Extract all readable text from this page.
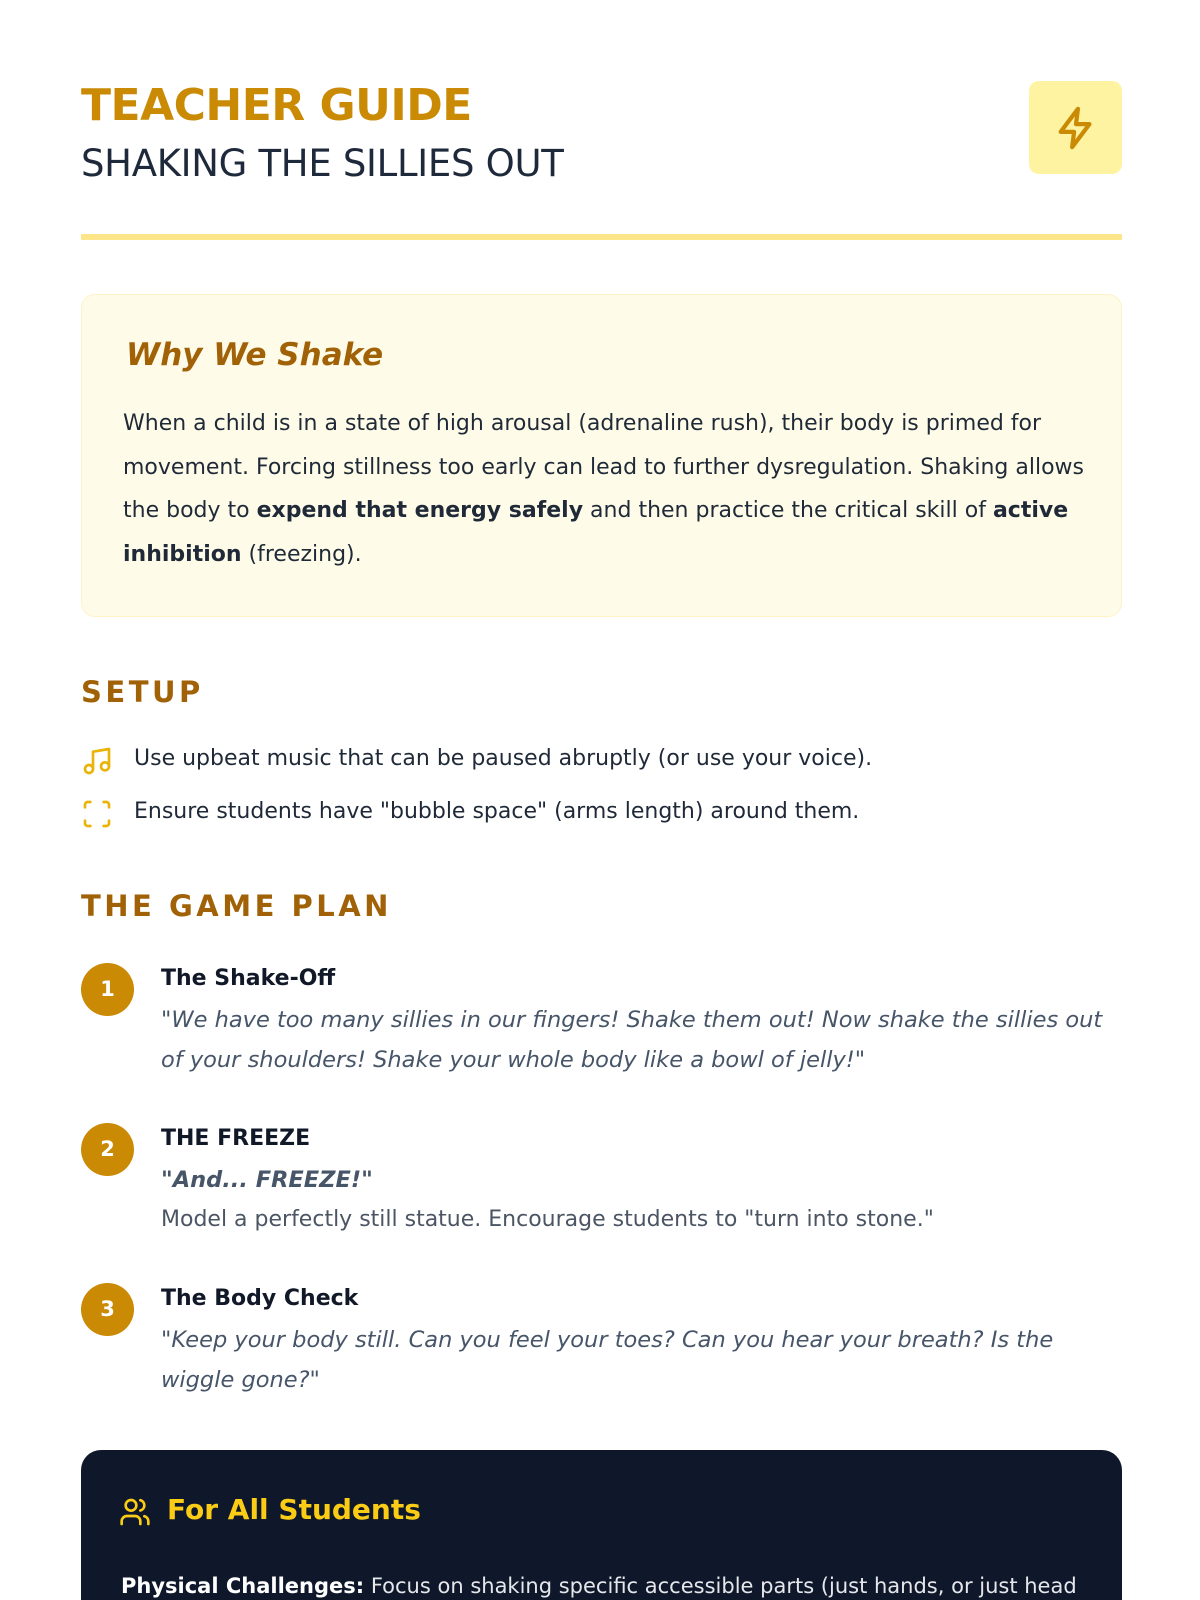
TEACHER GUIDE
SHAKING THE SILLIES OUT
Why We Shake

When a child is in a state of high arousal (adrenaline rush), their body is primed for movement. Forcing stillness too early can lead to further dysregulation. Shaking allows the body to expend that energy safely and then practice the critical skill of active inhibition (freezing).

SETUP
Use upbeat music that can be paused abruptly (or use your voice).
Ensure students have "bubble space" (arms length) around them.
THE GAME PLAN
1	The Shake-Off

"We have too many sillies in our fingers! Shake them out! Now shake the sillies out of your shoulders! Shake your whole body like a bowl of jelly!"

2	THE FREEZE

"And... FREEZE!"

Model a perfectly still statue. Encourage students to "turn into stone."

3	The Body Check

"Keep your body still. Can you feel your toes? Can you hear your breath? Is the wiggle gone?"

For All Students

Physical Challenges: Focus on shaking specific accessible parts (just hands, or just head
